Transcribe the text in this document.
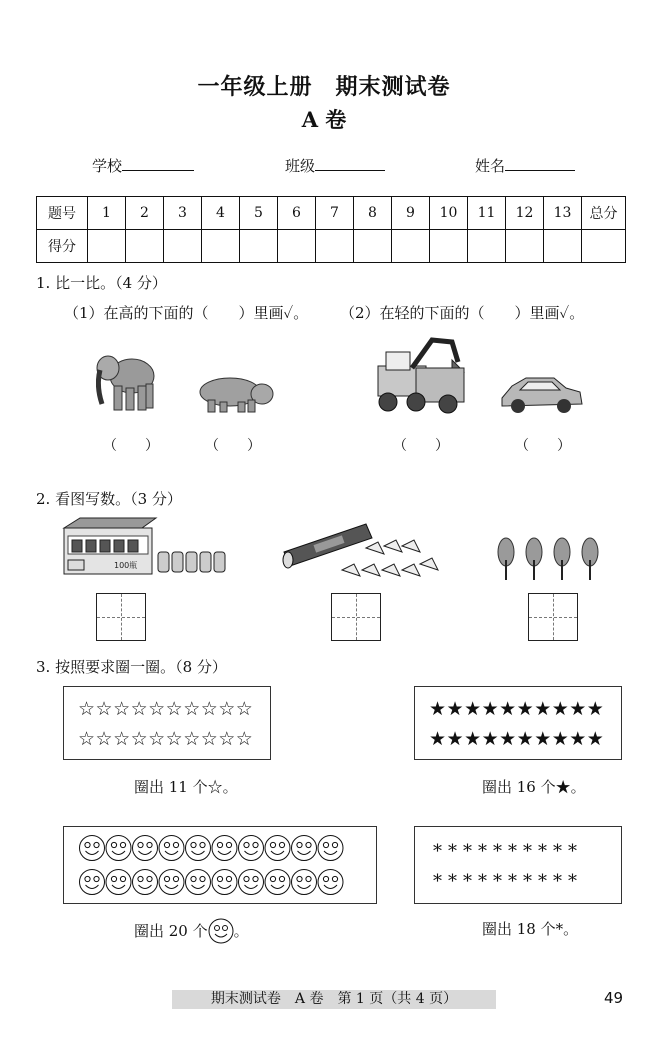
一年级上册　期末测试卷
A 卷
学校	班级	姓名
题号	1	2	3	4	5	6	7	8	9	10	11	12	13	总分
得分														
1. 比一比。（4 分）
（1）在高的下面的（　　）里画✓。 （2）在轻的下面的（　　）里画✓。
（　　）	（　　）	（　　）	（　　）
2. 看图写数。（3 分）
100瓶
3. 按照要求圈一圈。（8 分）
☆☆☆☆☆☆☆☆☆☆
☆☆☆☆☆☆☆☆☆☆
★★★★★★★★★★
★★★★★★★★★★
圈出 11 个☆。	圈出 16 个★。
**********
**********
圈出 20 个 。	圈出 18 个*。
期末测试卷　A 卷　第 1 页（共 4 页）	49
